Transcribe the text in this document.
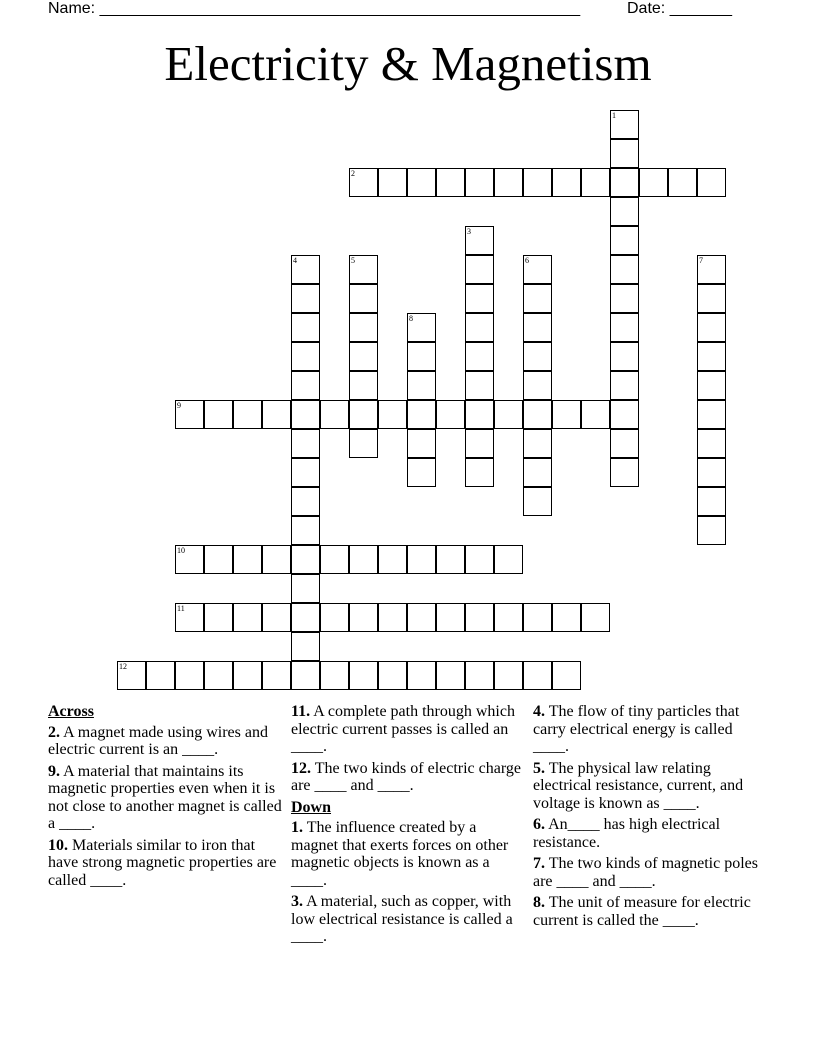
Name: ______________________________________________________	Date: _______
Electricity & Magnetism
1
2
3
4	5	6	7
8
9
10
11
12
Across
2. A magnet made using wires and electric current is an ____.
9. A material that maintains its magnetic properties even when it is not close to another magnet is called a ____.
10. Materials similar to iron that have strong magnetic properties are called ____.
11. A complete path through which electric current passes is called an ____.
12. The two kinds of electric charge are ____ and ____.
Down
1. The influence created by a magnet that exerts forces on other magnetic objects is known as a ____.
3. A material, such as copper, with low electrical resistance is called a ____.
4. The flow of tiny particles that carry electrical energy is called ____.
5. The physical law relating electrical resistance, current, and voltage is known as ____.
6. An____ has high electrical resistance.
7. The two kinds of magnetic poles are ____ and ____.
8. The unit of measure for electric current is called the ____.
